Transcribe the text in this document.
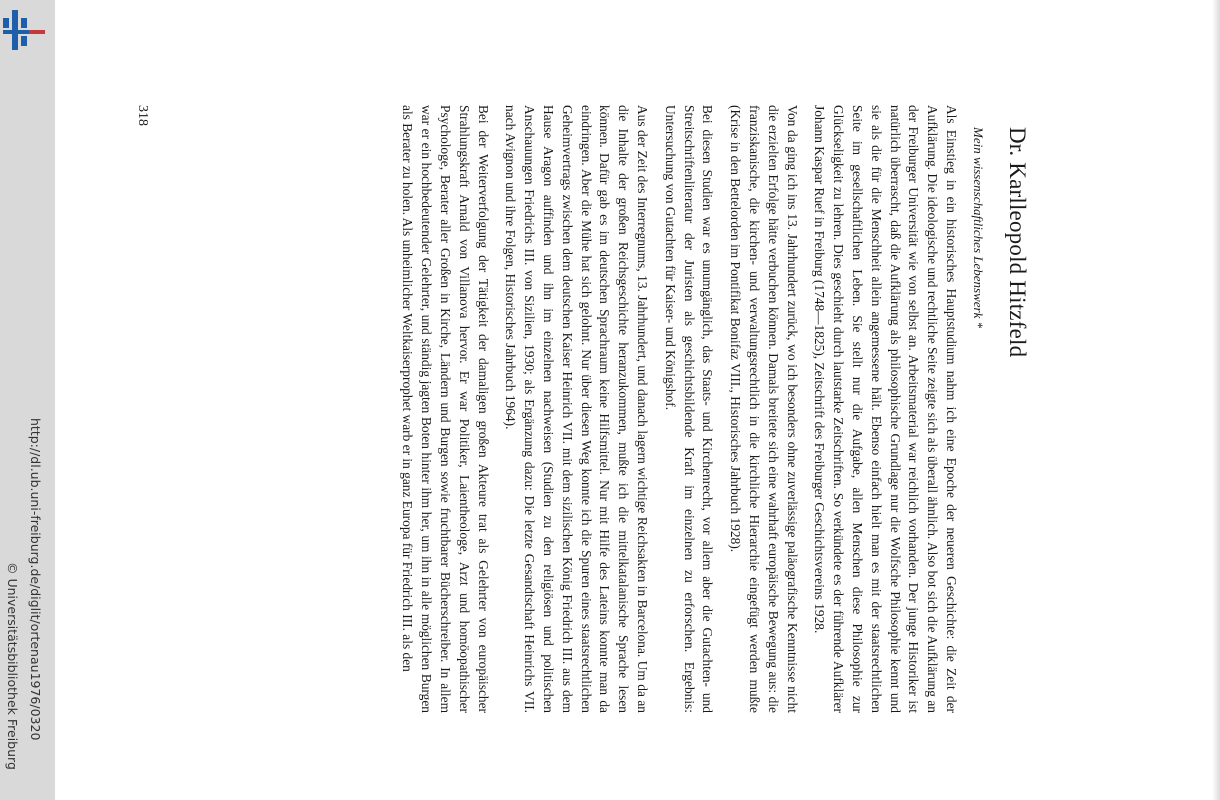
http://dl.ub.uni-freiburg.de/diglit/ortenau1976/0320
© Universitätsbibliothek Freiburg
Dr. Karlleopold Hitzfeld
Mein wissenschaftliches Lebenswerk *

Als Einstieg in ein historisches Hauptstudium nahm ich eine Epoche der neueren Geschichte: die Zeit der Aufklärung. Die ideologische und rechtliche Seite zeigte sich als überall ähnlich. Also bot sich die Aufklärung an der Freiburger Universität wie von selbst an. Arbeitsmaterial war reichlich vorhanden. Der junge Historiker ist natürlich überrascht, daß die Aufklärung als philosophische Grundlage nur die Wolfsche Philosophie kennt und sie als die für die Menschheit allein angemessene hält. Ebenso einfach hielt man es mit der staatsrechtlichen Seite im gesellschaftlichen Leben. Sie stellt nur die Aufgabe, allen Menschen diese Philosophie zur Glückseligkeit zu lehren. Dies geschieht durch lautstarke Zeitschriften. So verkündete es der führende Aufklärer Johann Kaspar Ruef in Freiburg (1748—1825), Zeitschrift des Freiburger Geschichtsvereins 1928.

Von da ging ich ins 13. Jahrhundert zurück, wo ich besonders ohne zuverlässige paläografische Kenntnisse nicht die erzielten Erfolge hätte verbuchen können. Damals breitete sich eine wahrhaft europäische Bewegung aus: die franziskanische, die kirchen- und verwaltungsrechtlich in die kirchliche Hierarchie eingefügt werden mußte (Krise in den Bettelorden im Pontifikat Bonifaz VIII., Historisches Jahrbuch 1928).

Bei diesen Studien war es unumgänglich, das Staats- und Kirchenrecht, vor allem aber die Gutachten- und Streitschriftenliteratur der Juristen als geschichtsbildende Kraft im einzelnen zu erforschen. Ergebnis: Untersuchung von Gutachten für Kaiser- und Königshof.

Aus der Zeit des Interregnums, 13. Jahrhundert, und danach lagern wichtige Reichsakten in Barcelona. Um da an die Inhalte der großen Reichsgeschichte heranzukommen, mußte ich die mittelkatalanische Sprache lesen können. Dafür gab es im deutschen Sprachraum keine Hilfsmittel. Nur mit Hilfe des Lateins konnte man da eindringen. Aber die Mühe hat sich gelohnt. Nur über diesen Weg konnte ich die Spuren eines staatsrechtlichen Geheimvertrags zwischen dem deutschen Kaiser Heinrich VII. mit dem sizilischen König Friedrich III. aus dem Hause Aragon auffinden und ihn im einzelnen nachweisen (Studien zu den religiösen und politischen Anschauungen Friedrichs III. von Sizilien, 1930; als Ergänzung dazu: Die letzte Gesandtschaft Heinrichs VII. nach Avignon und ihre Folgen, Historisches Jahrbuch 1964).

Bei der Weiterverfolgung der Tätigkeit der damaligen großen Akteure trat als Gelehrter von europäischer Strahlungskraft Arnald von Villanova hervor. Er war Politiker, Laientheologe, Arzt und homöopathischer Psychologe, Berater aller Großen in Kirche, Ländern und Burgen sowie fruchtbarer Bücherschreiber. In allem war er ein hochbedeutender Gelehrter, und ständig jagten Boten hinter ihm her, um ihn in alle möglichen Burgen als Berater zu holen. Als unheimlicher Weltkaiserprophet warb er in ganz Europa für Friedrich III. als den

318
